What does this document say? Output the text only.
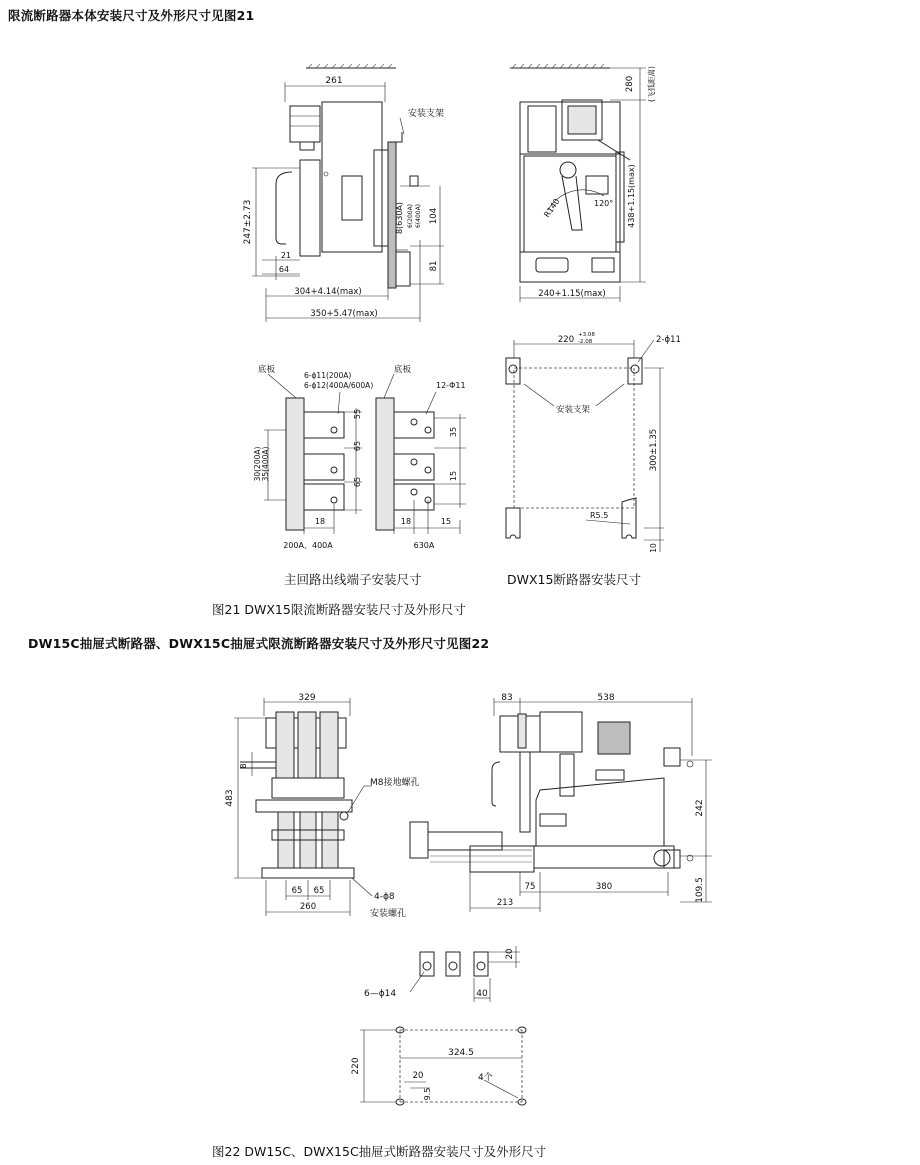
限流断路器本体安装尺寸及外形尺寸见图21
DW15C抽屉式断路器、DWX15C抽屉式限流断路器安装尺寸及外形尺寸见图22
图21 DWX15限流断路器安装尺寸及外形尺寸
主回路出线端子安装尺寸	DWX15断路器安装尺寸
图22 DW15C、DWX15C抽屉式断路器安装尺寸及外形尺寸
261
247±2.73
21
64
304+4.14(max)
350+5.47(max)
8(630A) 6(200A) 6(400A) 104
81
安装支架
280 (飞弧距离)
438+1.15(max)
240+1.15(max)
R140	120°
底板
6-ϕ11(200A)
6-ϕ12(400A/600A)
底板
12-Φ11
55
65
65
30(200A) 35(400A)
18
200A、400A
35
15
18	15
630A
220 +3.08
-2.08	2-ϕ11
安装支架
R5.5
300±1.35
10
329
8
M8接地螺孔
483
65 65
260
4-ϕ8
安装螺孔
83	538
242
109.5
75	380
213
20
40
6—ϕ14
324.5
220
20
9.5
4个
